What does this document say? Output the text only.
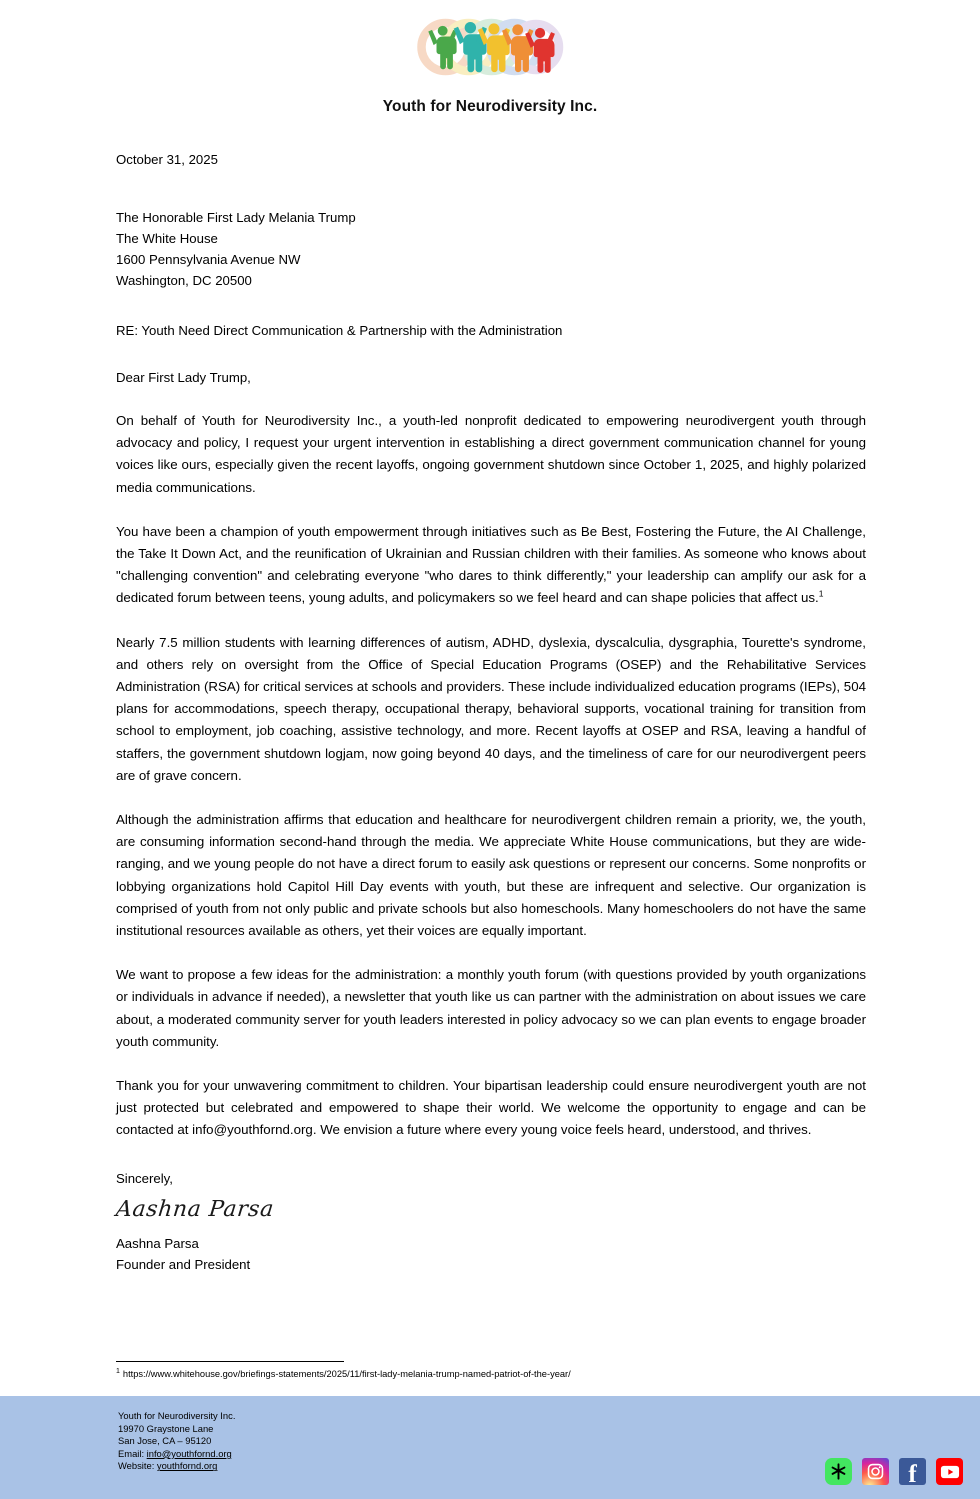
Youth for Neurodiversity Inc.
October 31, 2025
The Honorable First Lady Melania Trump
The White House
1600 Pennsylvania Avenue NW
Washington, DC 20500
RE: Youth Need Direct Communication & Partnership with the Administration
Dear First Lady Trump,

On behalf of Youth for Neurodiversity Inc., a youth-led nonprofit dedicated to empowering neurodivergent youth through advocacy and policy, I request your urgent intervention in establishing a direct government communication channel for young voices like ours, especially given the recent layoffs, ongoing government shutdown since October 1, 2025, and highly polarized media communications.

You have been a champion of youth empowerment through initiatives such as Be Best, Fostering the Future, the AI Challenge, the Take It Down Act, and the reunification of Ukrainian and Russian children with their families. As someone who knows about "challenging convention" and celebrating everyone "who dares to think differently," your leadership can amplify our ask for a dedicated forum between teens, young adults, and policymakers so we feel heard and can shape policies that affect us.$^1$

Nearly 7.5 million students with learning differences of autism, ADHD, dyslexia, dyscalculia, dysgraphia, Tourette's syndrome, and others rely on oversight from the Office of Special Education Programs (OSEP) and the Rehabilitative Services Administration (RSA) for critical services at schools and providers. These include individualized education programs (IEPs), 504 plans for accommodations, speech therapy, occupational therapy, behavioral supports, vocational training for transition from school to employment, job coaching, assistive technology, and more. Recent layoffs at OSEP and RSA, leaving a handful of staffers, the government shutdown logjam, now going beyond 40 days, and the timeliness of care for our neurodivergent peers are of grave concern.

Although the administration affirms that education and healthcare for neurodivergent children remain a priority, we, the youth, are consuming information second-hand through the media. We appreciate White House communications, but they are wide-ranging, and we young people do not have a direct forum to easily ask questions or represent our concerns. Some nonprofits or lobbying organizations hold Capitol Hill Day events with youth, but these are infrequent and selective. Our organization is comprised of youth from not only public and private schools but also homeschools. Many homeschoolers do not have the same institutional resources available as others, yet their voices are equally important.

We want to propose a few ideas for the administration: a monthly youth forum (with questions provided by youth organizations or individuals in advance if needed), a newsletter that youth like us can partner with the administration on about issues we care about, a moderated community server for youth leaders interested in policy advocacy so we can plan events to engage broader youth community.

Thank you for your unwavering commitment to children. Your bipartisan leadership could ensure neurodivergent youth are not just protected but celebrated and empowered to shape their world. We welcome the opportunity to engage and can be contacted at info@youthfornd.org. We envision a future where every young voice feels heard, understood, and thrives.

Sincerely,
Aashna Parsa
Aashna Parsa
Founder and President
$^1$ https://www.whitehouse.gov/briefings-statements/2025/11/first-lady-melania-trump-named-patriot-of-the-year/
Youth for Neurodiversity Inc.
19970 Graystone Lane
San Jose, CA – 95120
Email: info@youthfornd.org
Website: youthfornd.org	f
